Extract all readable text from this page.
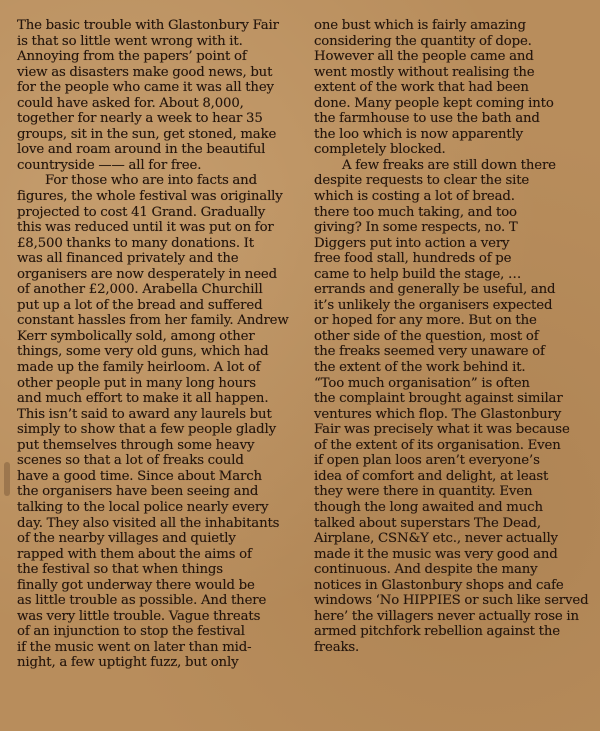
The basic trouble with Glastonbury Fair
is that so little went wrong with it.
Annoying from the papers’ point of
view as disasters make good news, but
for the people who came it was all they
could have asked for. About 8,000,
together for nearly a week to hear 35
groups, sit in the sun, get stoned, make
love and roam around in the beautiful
countryside —— all for free.
For those who are into facts and
figures, the whole festival was originally
projected to cost 41 Grand. Gradually
this was reduced until it was put on for
£8,500 thanks to many donations. It
was all financed privately and the
organisers are now desperately in need
of another £2,000. Arabella Churchill
put up a lot of the bread and suffered
constant hassles from her family. Andrew
Kerr symbolically sold, among other
things, some very old guns, which had
made up the family heirloom. A lot of
other people put in many long hours
and much effort to make it all happen.
This isn’t said to award any laurels but
simply to show that a few people gladly
put themselves through some heavy
scenes so that a lot of freaks could
have a good time. Since about March
the organisers have been seeing and
talking to the local police nearly every
day. They also visited all the inhabitants
of the nearby villages and quietly
rapped with them about the aims of
the festival so that when things
finally got underway there would be
as little trouble as possible. And there
was very little trouble. Vague threats
of an injunction to stop the festival
if the music went on later than mid-
night, a few uptight fuzz, but only
one bust which is fairly amazing
considering the quantity of dope.
However all the people came and
went mostly without realising the
extent of the work that had been
done. Many people kept coming into
the farmhouse to use the bath and
the loo which is now apparently
completely blocked.
A few freaks are still down there
despite requests to clear the site
which is costing a lot of bread.
there too much taking, and too
giving? In some respects, no. T
Diggers put into action a very
free food stall, hundreds of pe
came to help build the stage, …
errands and generally be useful, and
it’s unlikely the organisers expected
or hoped for any more. But on the
other side of the question, most of
the freaks seemed very unaware of
the extent of the work behind it.
“Too much organisation” is often
the complaint brought against similar
ventures which flop. The Glastonbury
Fair was precisely what it was because
of the extent of its organisation. Even
if open plan loos aren’t everyone’s
idea of comfort and delight, at least
they were there in quantity. Even
though the long awaited and much
talked about superstars The Dead,
Airplane, CSN&Y etc., never actually
made it the music was very good and
continuous. And despite the many
notices in Glastonbury shops and cafe
windows ‘No HIPPIES or such like served
here’ the villagers never actually rose in
armed pitchfork rebellion against the
freaks.
